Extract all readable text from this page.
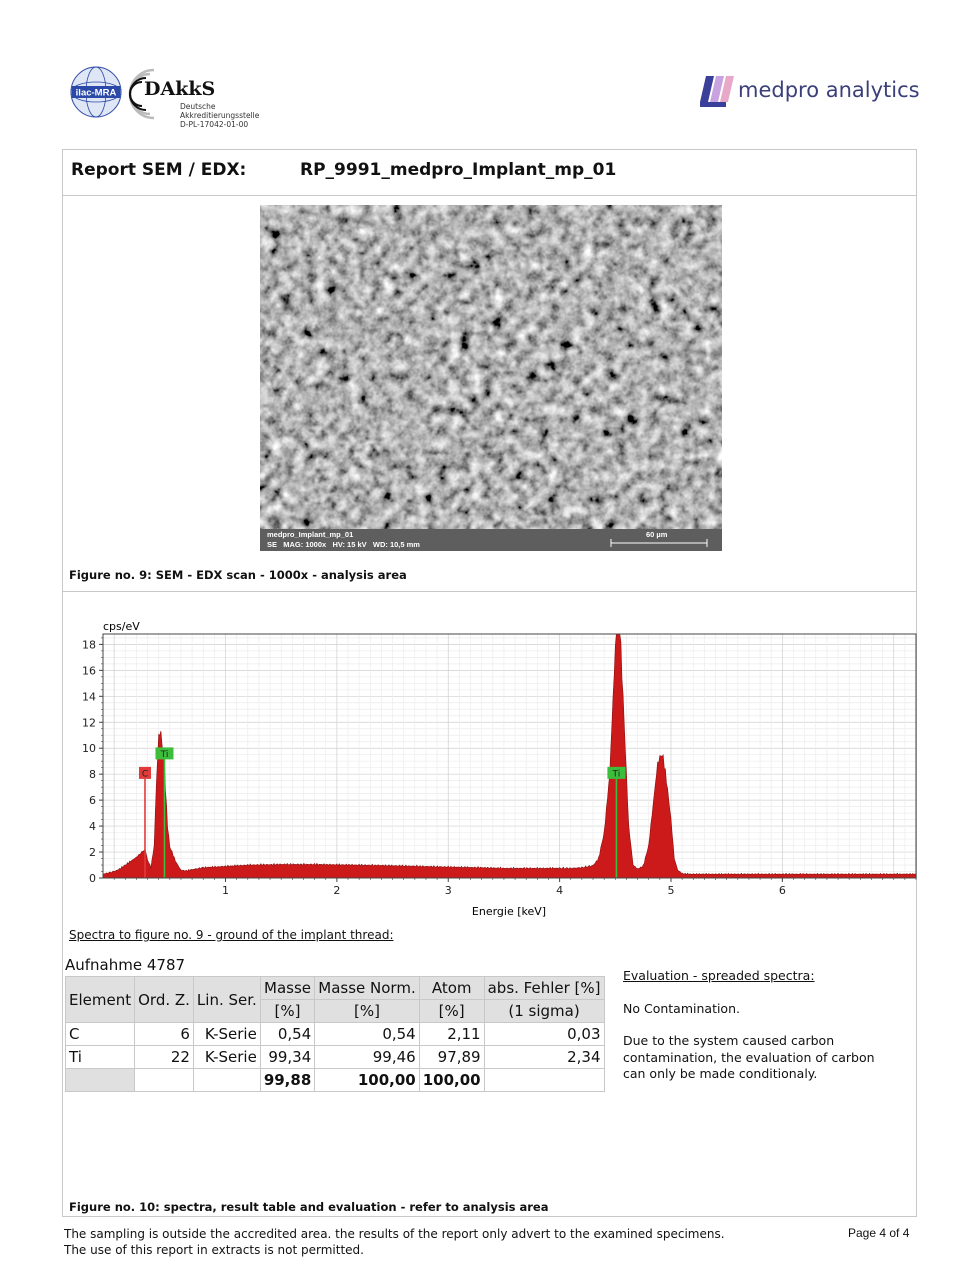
ilac-MRA DAkkS
Deutsche
Akkreditierungsstelle
D-PL-17042-01-00
medpro analytics
Report SEM / EDX:	RP_9991_medpro_Implant_mp_01
medpro_Implant_mp_01
SE   MAG: 1000x   HV: 15 kV   WD: 10,5 mm
60 µm
Figure no. 9: SEM - EDX scan - 1000x - analysis area
C
Ti
Ti
0
2
4
6
8
10
12
14
16
18
1	2	3	4	5	6
cps/eV
Energie [keV]
Spectra to figure no. 9 - ground of the implant thread:
Aufnahme 4787
Element	Ord. Z.	Lin. Ser.	Masse	Masse Norm.	Atom	abs. Fehler [%]
			[%]	[%]	[%]	(1 sigma)
C	6	K-Serie	0,54	0,54	2,11	0,03
Ti	22	K-Serie	99,34	99,46	97,89	2,34
			99,88	100,00	100,00	

Evaluation - spreaded spectra:

No Contamination.

Due to the system caused carbon contamination, the evaluation of carbon can only be made conditionaly.

Figure no. 10: spectra, result table and evaluation - refer to analysis area
The sampling is outside the accredited area. the results of the report only advert to the examined specimens.
The use of this report in extracts is not permitted.
Page 4 of 4
